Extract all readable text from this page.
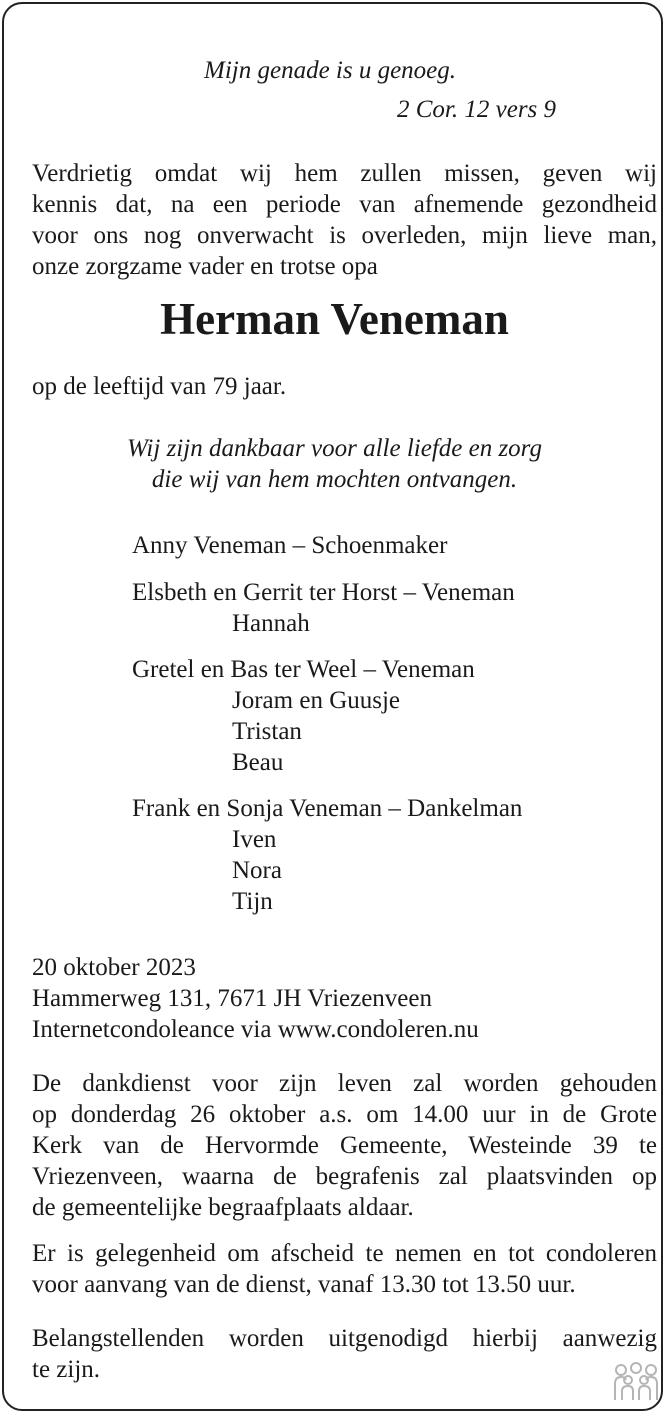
Mijn genade is u genoeg.

2 Cor. 12 vers 9

Verdrietig omdat wij hem zullen missen, geven wij
kennis dat, na een periode van afnemende gezondheid
voor ons nog onverwacht is overleden, mijn lieve man,
onze zorgzame vader en trotse opa

Herman Veneman

op de leeftijd van 79 jaar.

Wij zijn dankbaar voor alle liefde en zorg

die wij van hem mochten ontvangen.

Anny Veneman – Schoenmaker

Elsbeth en Gerrit ter Horst – Veneman

Hannah

Gretel en Bas ter Weel – Veneman

Joram en Guusje

Tristan

Beau

Frank en Sonja Veneman – Dankelman

Iven

Nora

Tijn

20 oktober 2023

Hammerweg 131, 7671 JH Vriezenveen

Internetcondoleance via www.condoleren.nu

De dankdienst voor zijn leven zal worden gehouden
op donderdag 26 oktober a.s. om 14.00 uur in de Grote
Kerk van de Hervormde Gemeente, Westeinde 39 te
Vriezenveen, waarna de begrafenis zal plaatsvinden op
de gemeentelijke begraafplaats aldaar.
Er is gelegenheid om afscheid te nemen en tot condoleren
voor aanvang van de dienst, vanaf 13.30 tot 13.50 uur.
Belangstellenden worden uitgenodigd hierbij aanwezig
te zijn.
